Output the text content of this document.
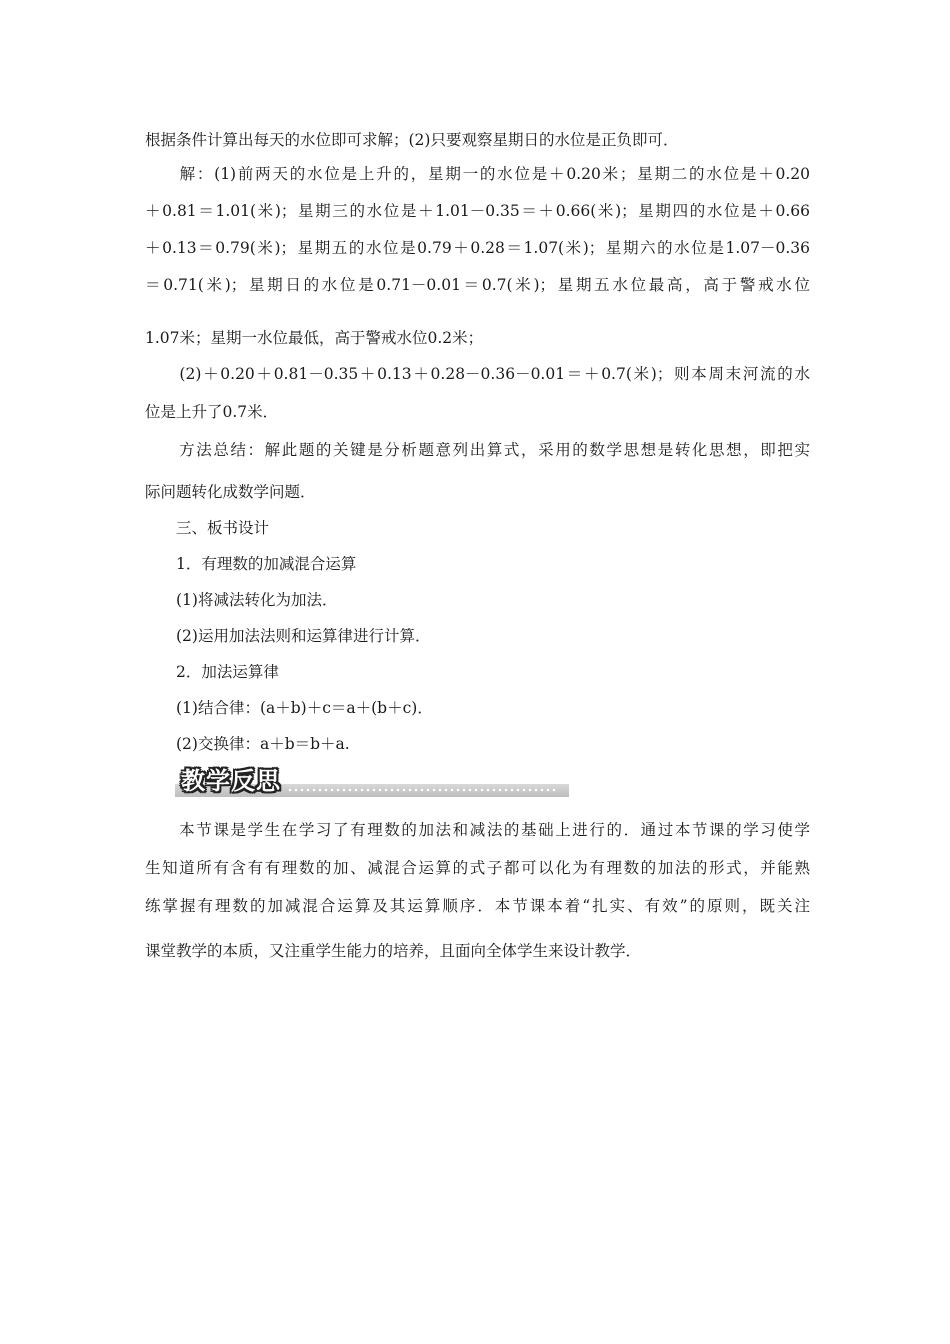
根据条件计算出每天的水位即可求解；(2)只要观察星期日的水位是正负即可．
　　解：(1)前两天的水位是上升的，星期一的水位是＋0.20米；星期二的水位是＋0.20
＋0.81＝1.01(米)；星期三的水位是＋1.01－0.35＝＋0.66(米)；星期四的水位是＋0.66
＋0.13＝0.79(米)；星期五的水位是0.79＋0.28＝1.07(米)；星期六的水位是1.07－0.36
＝0.71(米)；星期日的水位是0.71－0.01＝0.7(米)；星期五水位最高，高于警戒水位
1.07米；星期一水位最低，高于警戒水位0.2米；
　　(2)＋0.20＋0.81－0.35＋0.13＋0.28－0.36－0.01＝＋0.7(米)；则本周末河流的水
位是上升了0.7米．
　　方法总结：解此题的关键是分析题意列出算式，采用的数学思想是转化思想，即把实
际问题转化成数学问题．
　　三、板书设计
　　1．有理数的加减混合运算
　　(1)将减法转化为加法．
　　(2)运用加法法则和运算律进行计算．
　　2．加法运算律
　　(1)结合律：(a＋b)＋c＝a＋(b＋c)．
　　(2)交换律：a＋b＝b＋a.
教学反思
　　本节课是学生在学习了有理数的加法和减法的基础上进行的．通过本节课的学习使学
生知道所有含有有理数的加、减混合运算的式子都可以化为有理数的加法的形式，并能熟
练掌握有理数的加减混合运算及其运算顺序．本节课本着“扎实、有效”的原则，既关注
课堂教学的本质，又注重学生能力的培养，且面向全体学生来设计教学．
